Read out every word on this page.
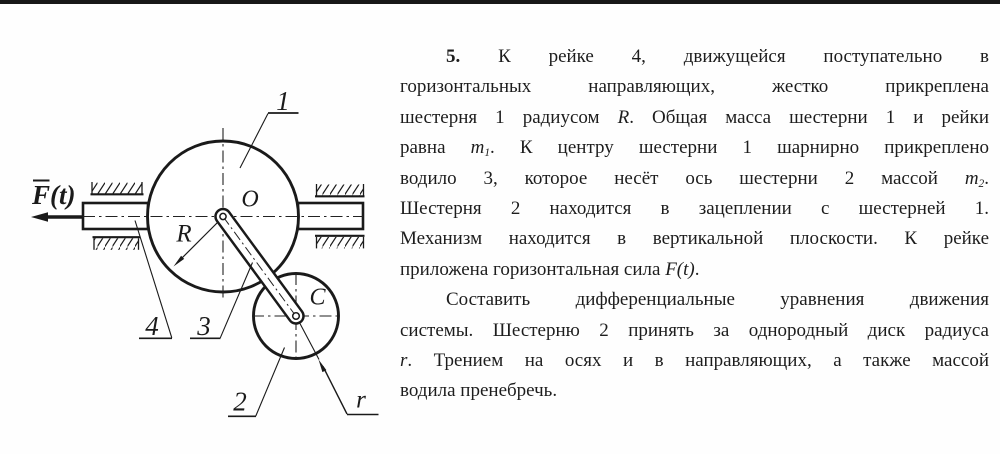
F(t)
1
4 3
2
O
C
R
r
5. К рейке 4, движущейся поступательно в
горизонтальных направляющих, жестко прикреплена
шестерня 1 радиусом R. Общая масса шестерни 1 и рейки
равна $m_1$. К центру шестерни 1 шарнирно прикреплено
водило 3, которое несёт ось шестерни 2 массой $m_2$.
Шестерня 2 находится в зацеплении с шестерней 1.
Механизм находится в вертикальной плоскости. К рейке
приложена горизонтальная сила F(t).
Составить дифференциальные уравнения движения
системы. Шестерню 2 принять за однородный диск радиуса
r. Трением на осях и в направляющих, а также массой
водила пренебречь.
